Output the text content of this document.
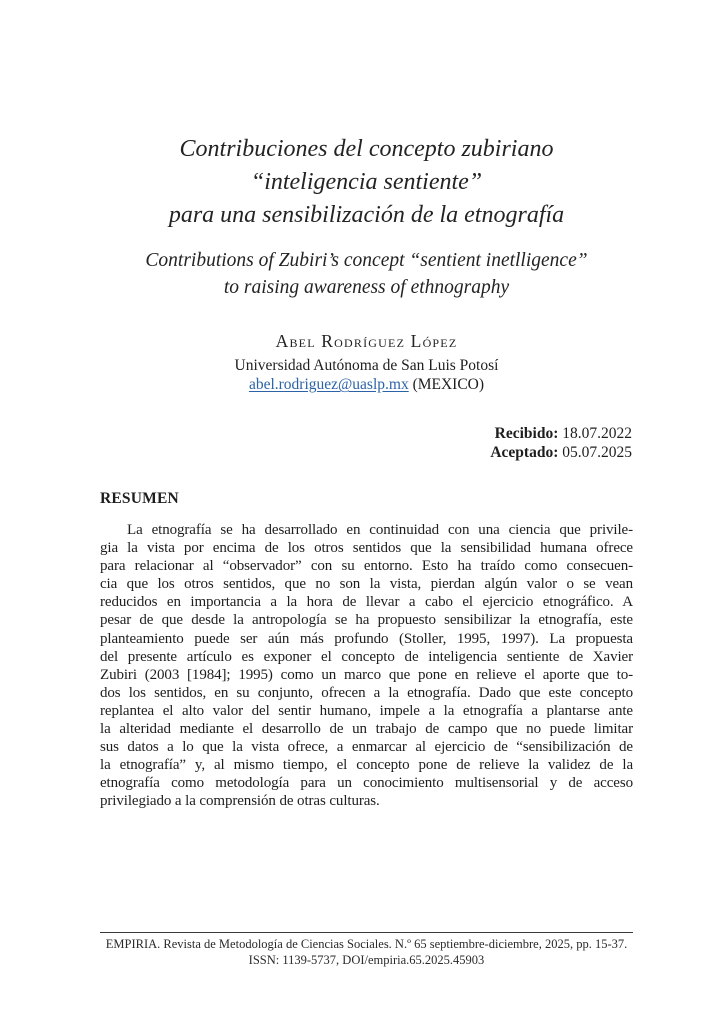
Contribuciones del concepto zubiriano
“inteligencia sentiente”
para una sensibilización de la etnografía
Contributions of Zubiri’s concept “sentient inetlligence”
to raising awareness of ethnography
Abel Rodríguez López
Universidad Autónoma de San Luis Potosí
abel.rodriguez@uaslp.mx (MEXICO)
Recibido: 18.07.2022
Aceptado: 05.07.2025
RESUMEN
La etnografía se ha desarrollado en continuidad con una ciencia que privile-
gia la vista por encima de los otros sentidos que la sensibilidad humana ofrece
para relacionar al “observador” con su entorno. Esto ha traído como consecuen-
cia que los otros sentidos, que no son la vista, pierdan algún valor o se vean
reducidos en importancia a la hora de llevar a cabo el ejercicio etnográfico. A
pesar de que desde la antropología se ha propuesto sensibilizar la etnografía, este
planteamiento puede ser aún más profundo (Stoller, 1995, 1997). La propuesta
del presente artículo es exponer el concepto de inteligencia sentiente de Xavier
Zubiri (2003 [1984]; 1995) como un marco que pone en relieve el aporte que to-
dos los sentidos, en su conjunto, ofrecen a la etnografía. Dado que este concepto
replantea el alto valor del sentir humano, impele a la etnografía a plantarse ante
la alteridad mediante el desarrollo de un trabajo de campo que no puede limitar
sus datos a lo que la vista ofrece, a enmarcar al ejercicio de “sensibilización de
la etnografía” y, al mismo tiempo, el concepto pone de relieve la validez de la
etnografía como metodología para un conocimiento multisensorial y de acceso
privilegiado a la comprensión de otras culturas.
EMPIRIA. Revista de Metodología de Ciencias Sociales. N.º 65 septiembre-diciembre, 2025, pp. 15-37.
ISSN: 1139-5737, DOI/empiria.65.2025.45903
